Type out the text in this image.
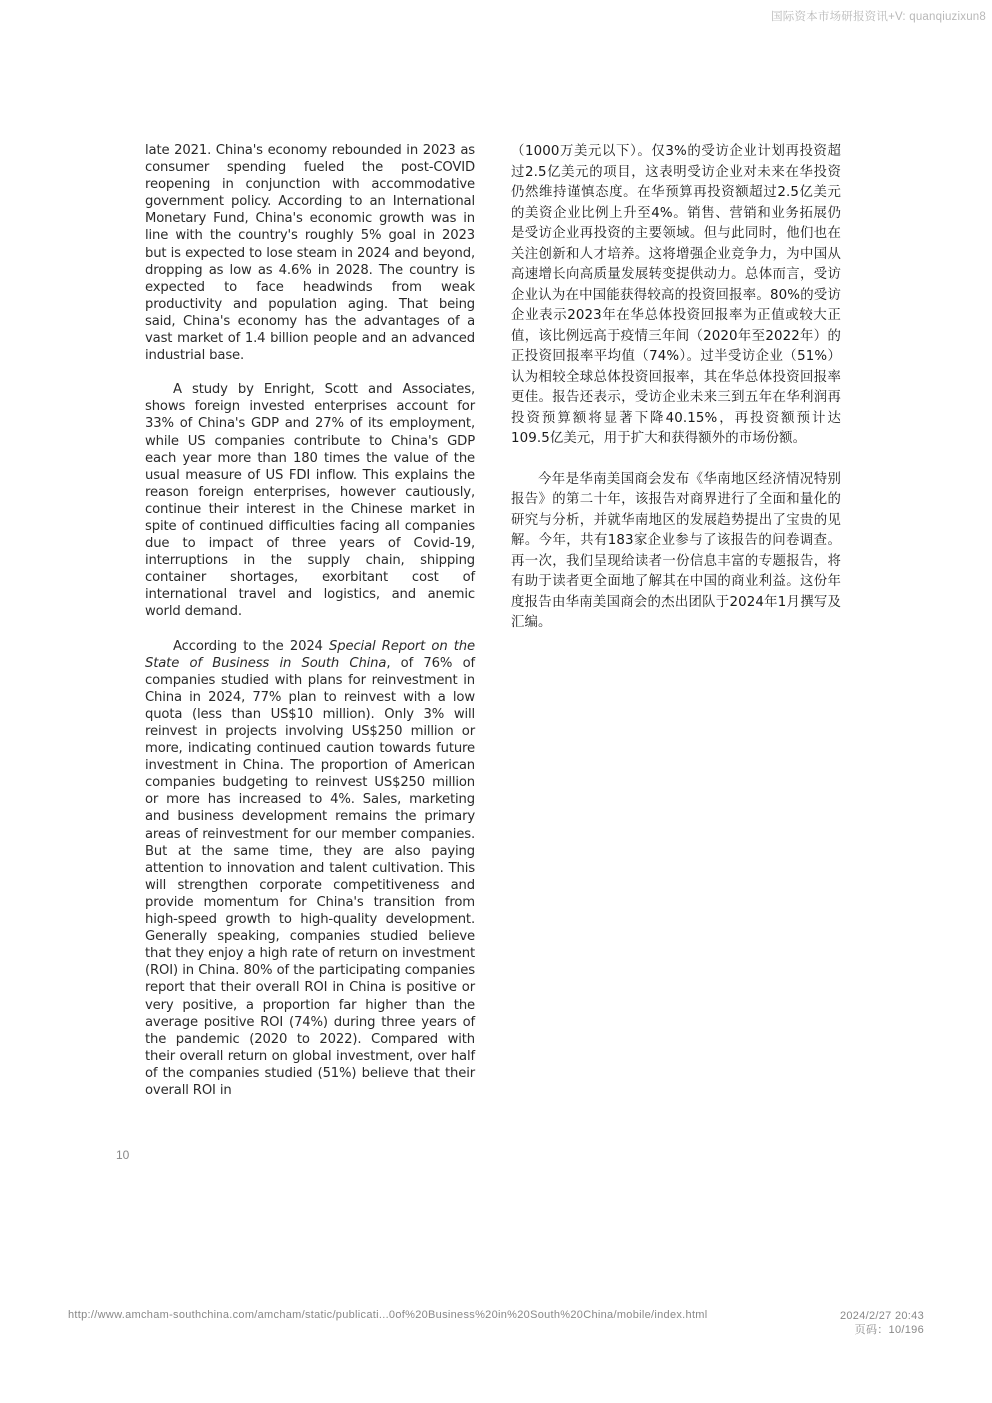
国际资本市场研报资讯+V: quanqiuzixun8

late 2021. China's economy rebounded in 2023 as consumer spending fueled the post-COVID reopening in conjunction with accommodative government policy. According to an International Monetary Fund, China's economic growth was in line with the country's roughly 5% goal in 2023 but is expected to lose steam in 2024 and beyond, dropping as low as 4.6% in 2028. The country is expected to face headwinds from weak productivity and population aging. That being said, China's economy has the advantages of a vast market of 1.4 billion people and an advanced industrial base.

A study by Enright, Scott and Associates, shows foreign invested enterprises account for 33% of China's GDP and 27% of its employment, while US companies contribute to China's GDP each year more than 180 times the value of the usual measure of US FDI inflow. This explains the reason foreign enterprises, however cautiously, continue their interest in the Chinese market in spite of continued difficulties facing all companies due to impact of three years of Covid-19, interruptions in the supply chain, shipping container shortages, exorbitant cost of international travel and logistics, and anemic world demand.

According to the 2024 Special Report on the State of Business in South China, of 76% of companies studied with plans for reinvestment in China in 2024, 77% plan to reinvest with a low quota (less than US$10 million). Only 3% will reinvest in projects involving US$250 million or more, indicating continued caution towards future investment in China. The proportion of American companies budgeting to reinvest US$250 million or more has increased to 4%. Sales, marketing and business development remains the primary areas of reinvestment for our member companies. But at the same time, they are also paying attention to innovation and talent cultivation. This will strengthen corporate competitiveness and provide momentum for China's transition from high-speed growth to high-quality development. Generally speaking, companies studied believe that they enjoy a high rate of return on investment (ROI) in China. 80% of the participating companies report that their overall ROI in China is positive or very positive, a proportion far higher than the average positive ROI (74%) during three years of the pandemic (2020 to 2022). Compared with their overall return on global investment, over half of the companies studied (51%) believe that their overall ROI in

（1000万美元以下）。仅3%的受访企业计划再投资超过2.5亿美元的项目，这表明受访企业对未来在华投资仍然维持谨慎态度。在华预算再投资额超过2.5亿美元的美资企业比例上升至4%。销售、营销和业务拓展仍是受访企业再投资的主要领域。但与此同时，他们也在关注创新和人才培养。这将增强企业竞争力，为中国从高速增长向高质量发展转变提供动力。总体而言，受访企业认为在中国能获得较高的投资回报率。80%的受访企业表示2023年在华总体投资回报率为正值或较大正值，该比例远高于疫情三年间（2020年至2022年）的正投资回报率平均值（74%）。过半受访企业（51%）认为相较全球总体投资回报率，其在华总体投资回报率更佳。报告还表示，受访企业未来三到五年在华利润再投资预算额将显著下降40.15%，再投资额预计达109.5亿美元，用于扩大和获得额外的市场份额。

今年是华南美国商会发布《华南地区经济情况特别报告》的第二十年，该报告对商界进行了全面和量化的研究与分析，并就华南地区的发展趋势提出了宝贵的见解。今年，共有183家企业参与了该报告的问卷调查。再一次，我们呈现给读者一份信息丰富的专题报告，将有助于读者更全面地了解其在中国的商业利益。这份年度报告由华南美国商会的杰出团队于2024年1月撰写及汇编。

10
http://www.amcham-southchina.com/amcham/static/publicati...0of%20Business%20in%20South%20China/mobile/index.html	2024/2/27 20:43
页码：10/196
